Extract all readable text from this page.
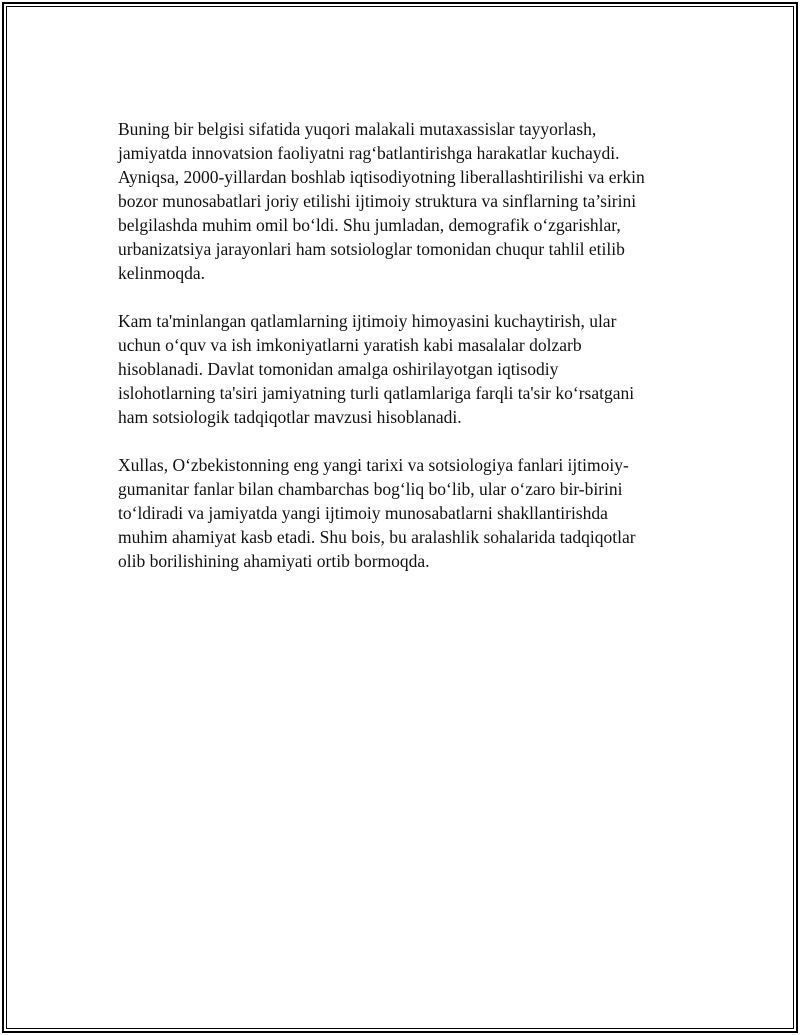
Buning bir belgisi sifatida yuqori malakali mutaxassislar tayyorlash,
jamiyatda innovatsion faoliyatni rag‘batlantirishga harakatlar kuchaydi.
Ayniqsa, 2000-yillardan boshlab iqtisodiyotning liberallashtirilishi va erkin
bozor munosabatlari joriy etilishi ijtimoiy struktura va sinflarning ta’sirini
belgilashda muhim omil bo‘ldi. Shu jumladan, demografik o‘zgarishlar,
urbanizatsiya jarayonlari ham sotsiologlar tomonidan chuqur tahlil etilib
kelinmoqda.

Kam ta'minlangan qatlamlarning ijtimoiy himoyasini kuchaytirish, ular
uchun o‘quv va ish imkoniyatlarni yaratish kabi masalalar dolzarb
hisoblanadi. Davlat tomonidan amalga oshirilayotgan iqtisodiy
islohotlarning ta'siri jamiyatning turli qatlamlariga farqli ta'sir ko‘rsatgani
ham sotsiologik tadqiqotlar mavzusi hisoblanadi.

Xullas, O‘zbekistonning eng yangi tarixi va sotsiologiya fanlari ijtimoiy-
gumanitar fanlar bilan chambarchas bog‘liq bo‘lib, ular o‘zaro bir-birini
to‘ldiradi va jamiyatda yangi ijtimoiy munosabatlarni shakllantirishda
muhim ahamiyat kasb etadi. Shu bois, bu aralashlik sohalarida tadqiqotlar
olib borilishining ahamiyati ortib bormoqda.
